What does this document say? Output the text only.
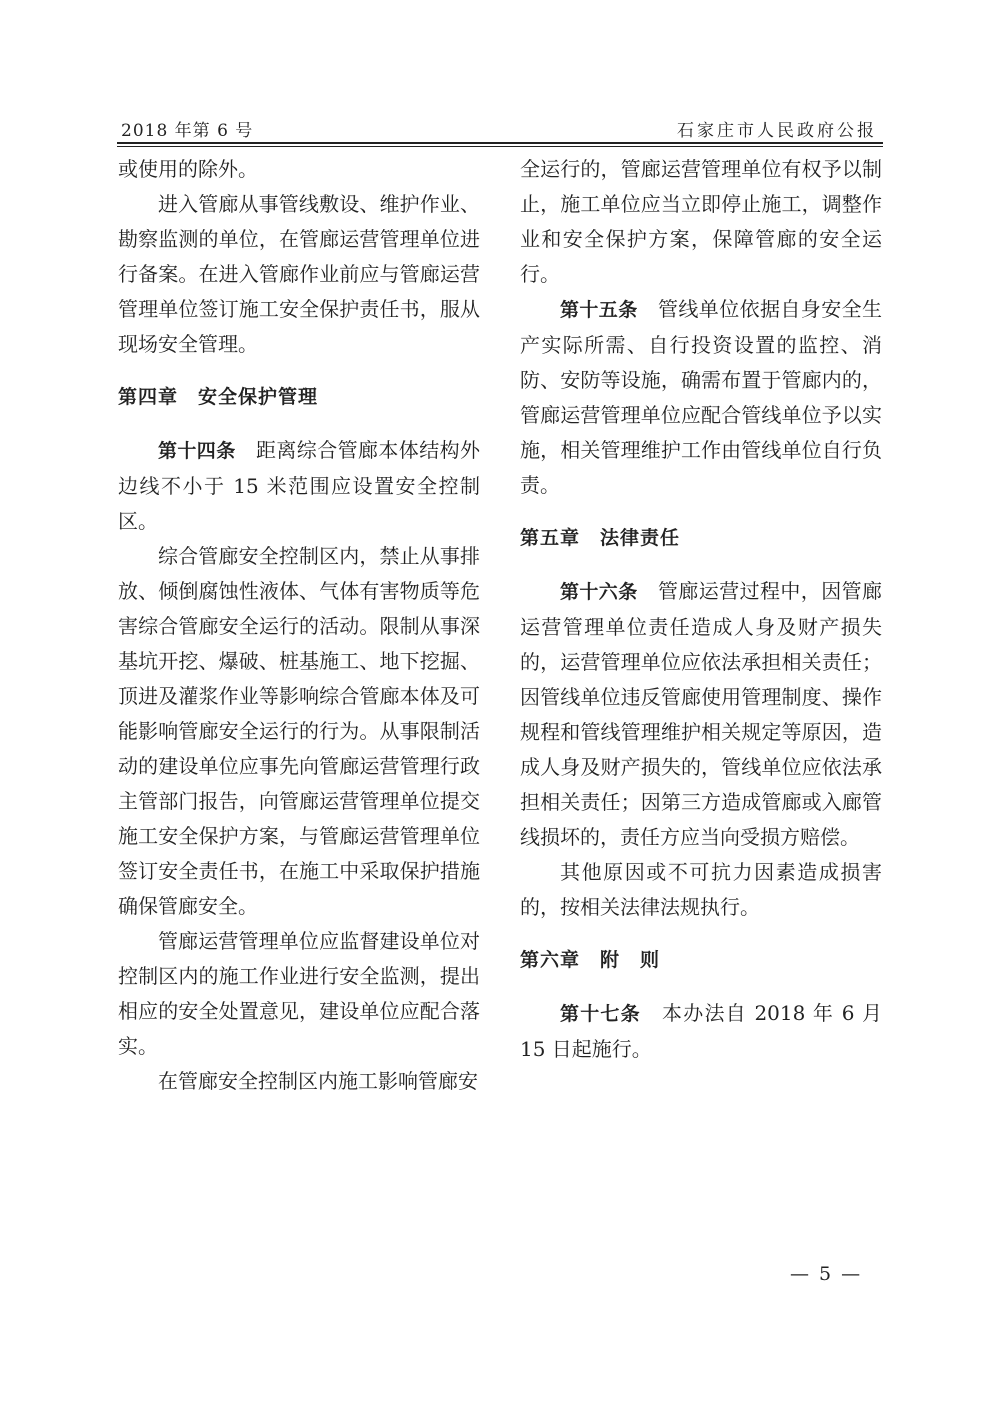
2018 年第 6 号	石家庄市人民政府公报

或使用的除外。

进入管廊从事管线敷设、维护作业、勘察监测的单位，在管廊运营管理单位进行备案。在进入管廊作业前应与管廊运营管理单位签订施工安全保护责任书，服从现场安全管理。

第四章　安全保护管理

第十四条　距离综合管廊本体结构外边线不小于 15 米范围应设置安全控制区。

综合管廊安全控制区内，禁止从事排放、倾倒腐蚀性液体、气体有害物质等危害综合管廊安全运行的活动。限制从事深基坑开挖、爆破、桩基施工、地下挖掘、顶进及灌浆作业等影响综合管廊本体及可能影响管廊安全运行的行为。从事限制活动的建设单位应事先向管廊运营管理行政主管部门报告，向管廊运营管理单位提交施工安全保护方案，与管廊运营管理单位签订安全责任书，在施工中采取保护措施确保管廊安全。

管廊运营管理单位应监督建设单位对控制区内的施工作业进行安全监测，提出相应的安全处置意见，建设单位应配合落实。

在管廊安全控制区内施工影响管廊安

全运行的，管廊运营管理单位有权予以制止，施工单位应当立即停止施工，调整作业和安全保护方案，保障管廊的安全运行。

第十五条　管线单位依据自身安全生产实际所需、自行投资设置的监控、消防、安防等设施，确需布置于管廊内的，管廊运营管理单位应配合管线单位予以实施，相关管理维护工作由管线单位自行负责。

第五章　法律责任

第十六条　管廊运营过程中，因管廊运营管理单位责任造成人身及财产损失的，运营管理单位应依法承担相关责任；因管线单位违反管廊使用管理制度、操作规程和管线管理维护相关规定等原因，造成人身及财产损失的，管线单位应依法承担相关责任；因第三方造成管廊或入廊管线损坏的，责任方应当向受损方赔偿。

其他原因或不可抗力因素造成损害的，按相关法律法规执行。

第六章　附　则

第十七条　本办法自 2018 年 6 月 15 日起施行。

— 5 —
